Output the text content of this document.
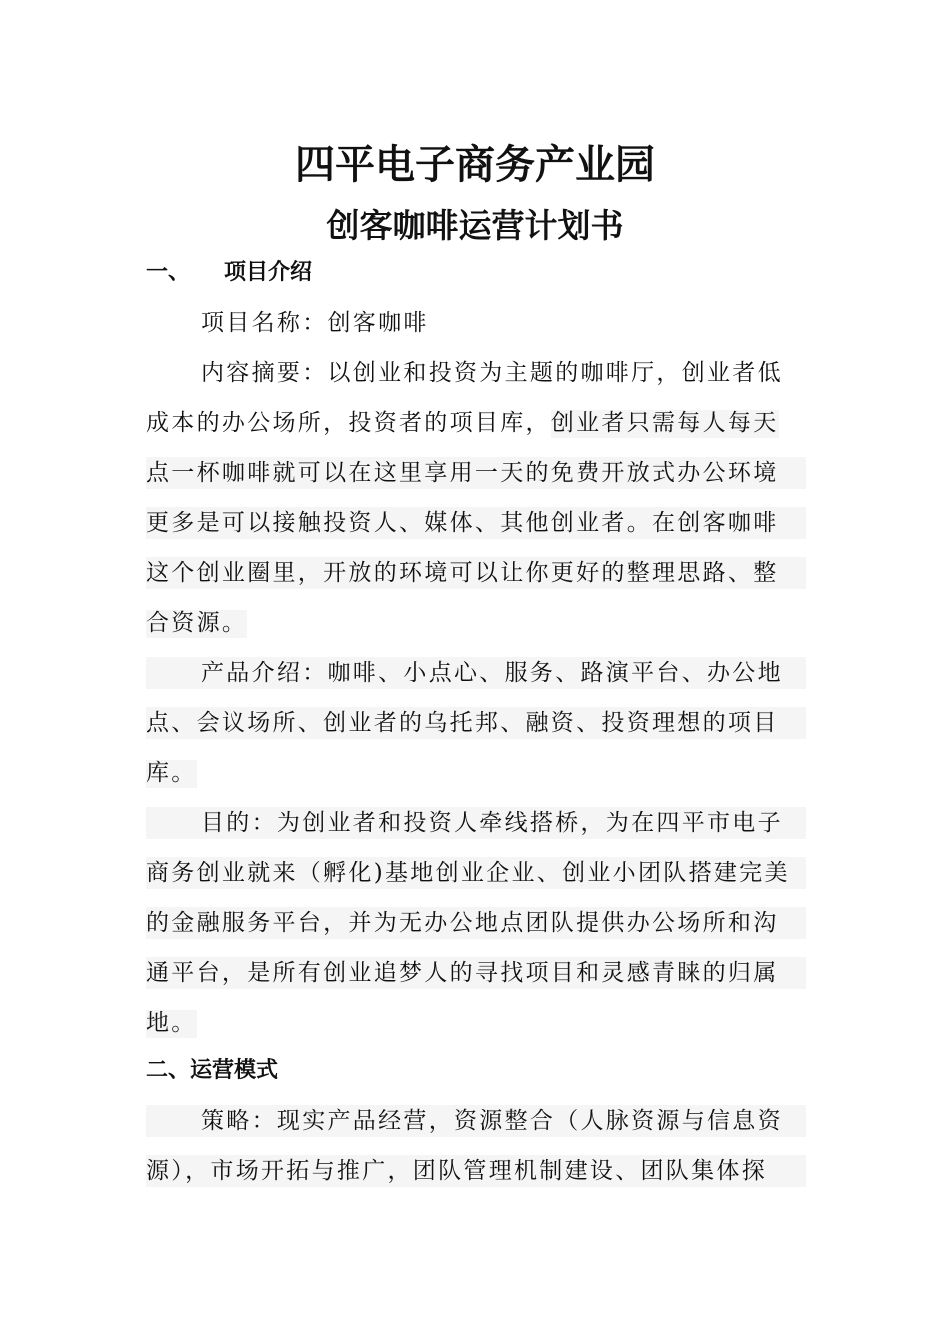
四平电子商务产业园
创客咖啡运营计划书
一、 项目介绍
项目名称：创客咖啡
内容摘要：以创业和投资为主题的咖啡厅，创业者低
成本的办公场所，投资者的项目库，创业者只需每人每天
点一杯咖啡就可以在这里享用一天的免费开放式办公环境
更多是可以接触投资人、媒体、其他创业者。在创客咖啡
这个创业圈里，开放的环境可以让你更好的整理思路、整
合资源。
产品介绍：咖啡、小点心、服务、路演平台、办公地
点、会议场所、创业者的乌托邦、融资、投资理想的项目
库。
目的：为创业者和投资人牵线搭桥，为在四平市电子
商务创业就来（孵化)基地创业企业、创业小团队搭建完美
的金融服务平台，并为无办公地点团队提供办公场所和沟
通平台，是所有创业追梦人的寻找项目和灵感青睐的归属
地。
二、运营模式
策略：现实产品经营，资源整合（人脉资源与信息资
源），市场开拓与推广，团队管理机制建设、团队集体探
